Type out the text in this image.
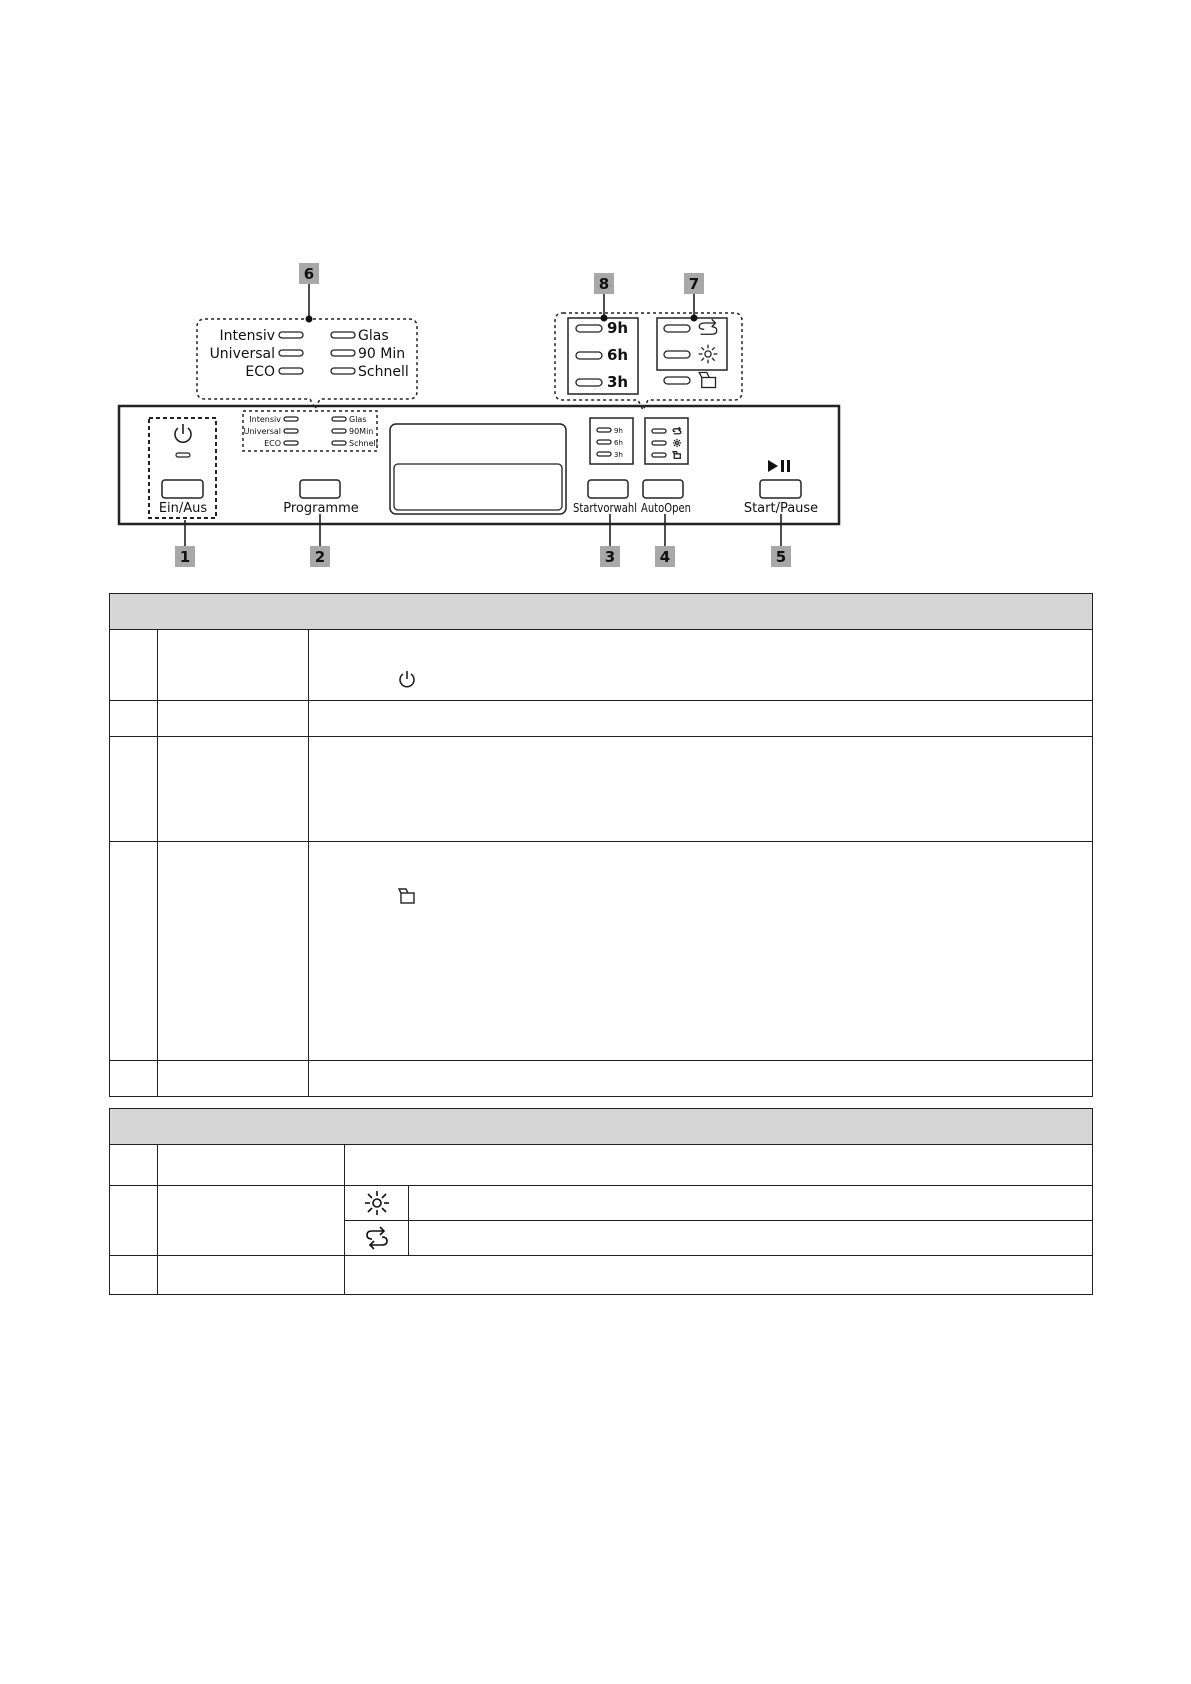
Ein/Aus
Intensiv
Universal
ECO
Glas
90Min
Schnell
Programme
9h
6h
3h
Startvorwahl AutoOpen	Start/Pause
Intensiv
Universal
ECO
Glas
90 Min
Schnell
9h
6h
3h
1	2	3	4	5
6
8	7
